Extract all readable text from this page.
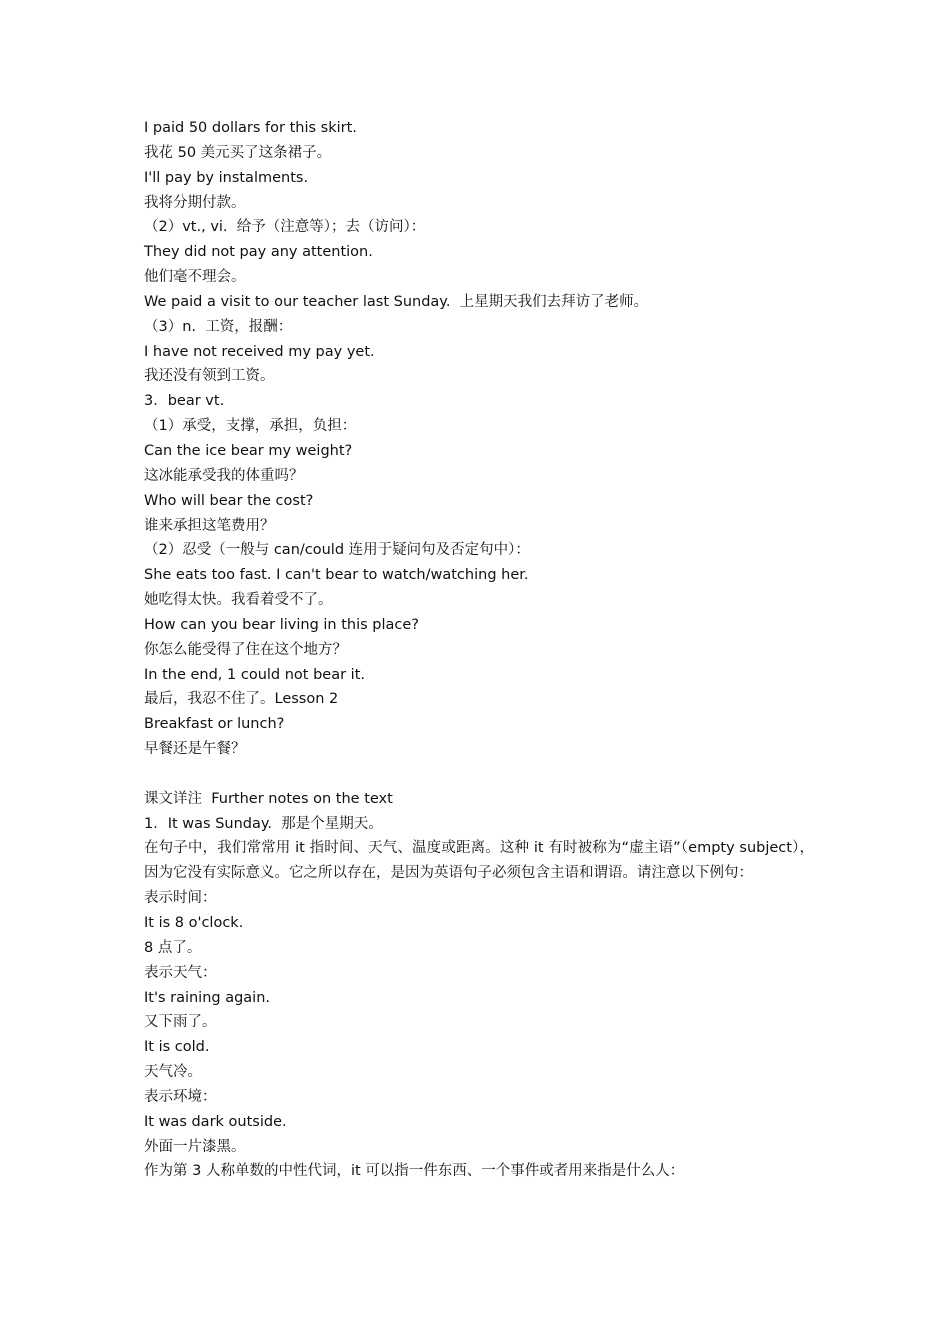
I paid 50 dollars for this skirt.

我花 50 美元买了这条裙子。

I'll pay by instalments.

我将分期付款。

（2）vt., vi.  给予（注意等）；去（访问）：

They did not pay any attention.

他们毫不理会。

We paid a visit to our teacher last Sunday.  上星期天我们去拜访了老师。

（3）n.  工资，报酬：

I have not received my pay yet.

我还没有领到工资。

3．bear vt.

（1）承受，支撑，承担，负担：

Can the ice bear my weight?

这冰能承受我的体重吗？

Who will bear the cost?

谁来承担这笔费用？

（2）忍受（一般与 can/could 连用于疑问句及否定句中）：

She eats too fast. I can't bear to watch/watching her.

她吃得太快。我看着受不了。

How can you bear living in this place?

你怎么能受得了住在这个地方？

In the end, 1 could not bear it.

最后，我忍不住了。Lesson 2

Breakfast or lunch?

早餐还是午餐？

课文详注  Further notes on the text

1．It was Sunday.  那是个星期天。

在句子中，我们常常用 it 指时间、天气、温度或距离。这种 it 有时被称为“虚主语”（empty subject），因为它没有实际意义。它之所以存在，是因为英语句子必须包含主语和谓语。请注意以下例句：

表示时间：

It is 8 o'clock.

8 点了。

表示天气：

It's raining again.

又下雨了。

It is cold.

天气冷。

表示环境：

It was dark outside.

外面一片漆黑。

作为第 3 人称单数的中性代词，it 可以指一件东西、一个事件或者用来指是什么人：
